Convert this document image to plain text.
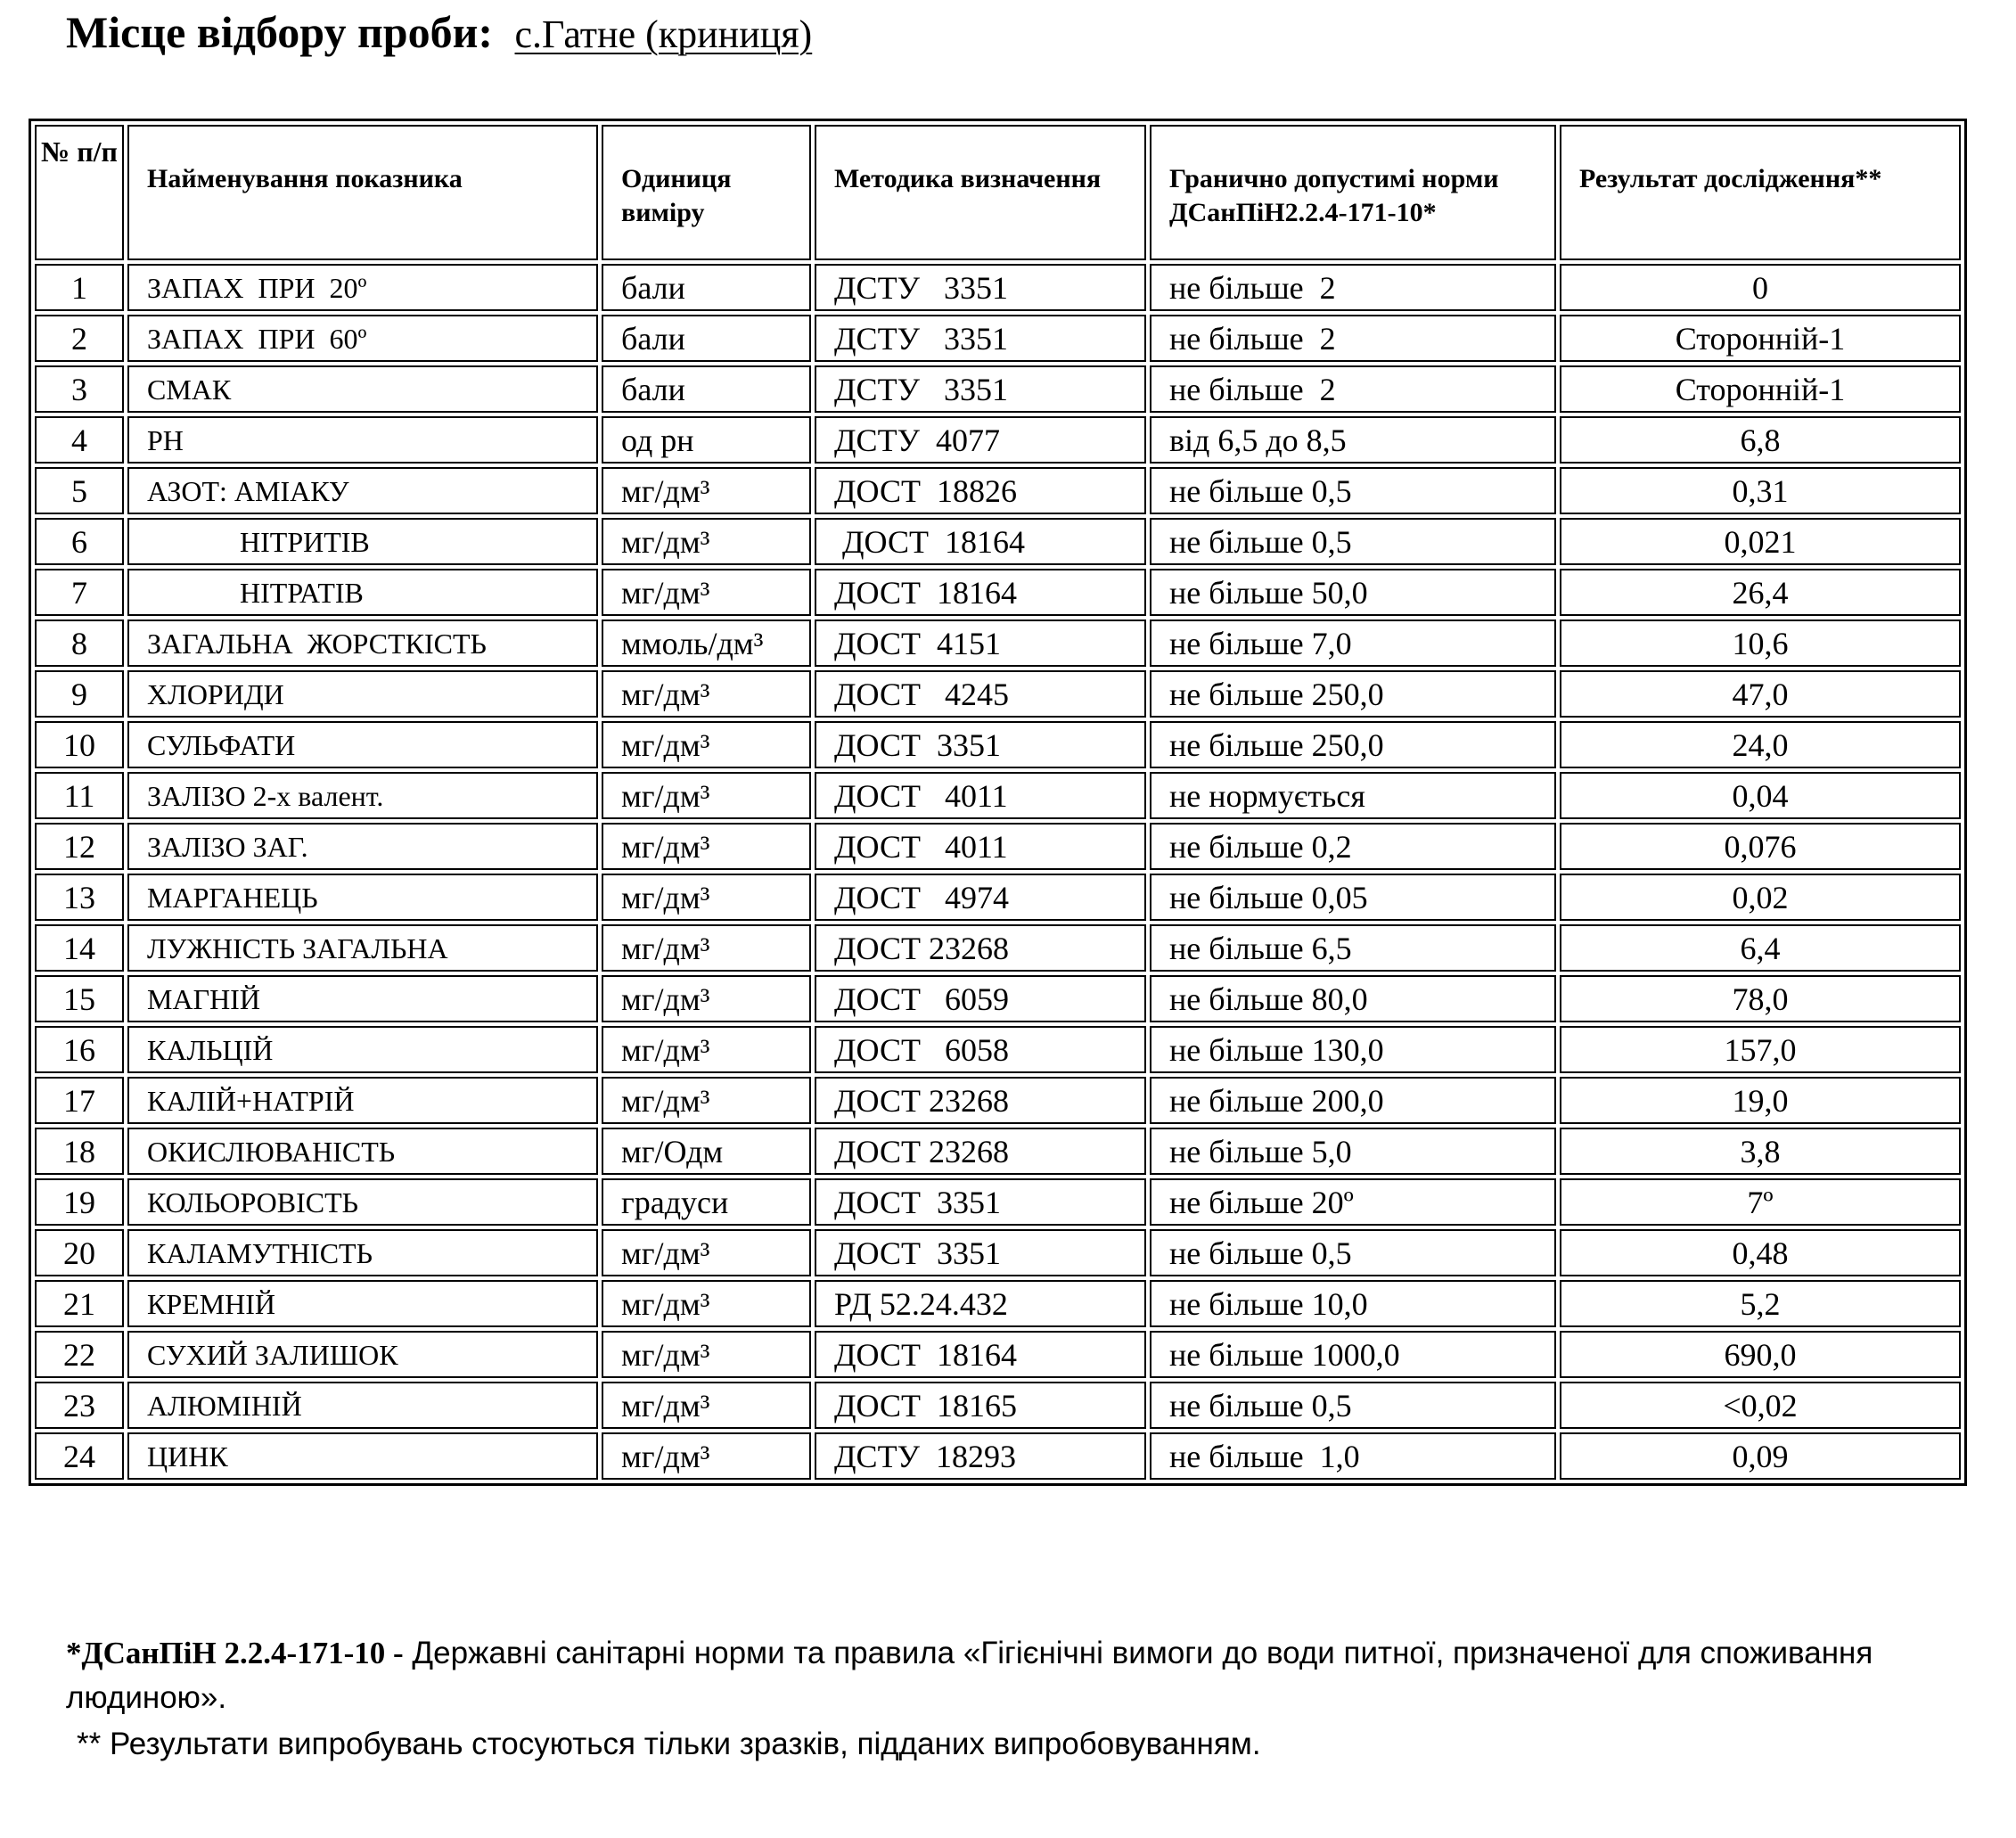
Місце відбору проби: с.Гатне (криниця)
№ п/п	Найменування показника	Одиниця виміру	Методика визначення	Гранично допустимі норми ДСанПіН2.2.4-171-10*	Результат дослідження**
1	ЗАПАХ  ПРИ  20º	бали	ДСТУ   3351	не більше  2	0
2	ЗАПАХ  ПРИ  60º	бали	ДСТУ   3351	не більше  2	Сторонній-1
3	СМАК	бали	ДСТУ   3351	не більше  2	Сторонній-1
4	РН	од рн	ДСТУ  4077	від 6,5 до 8,5	6,8
5	АЗОТ: АМІАКУ	мг/дм³	ДОСТ  18826	не більше 0,5	0,31
6	НІТРИТІВ	мг/дм³	ДОСТ  18164	не більше 0,5	0,021
7	НІТРАТІВ	мг/дм³	ДОСТ  18164	не більше 50,0	26,4
8	ЗАГАЛЬНА  ЖОРСТКІСТЬ	ммоль/дм³	ДОСТ  4151	не більше 7,0	10,6
9	ХЛОРИДИ	мг/дм³	ДОСТ   4245	не більше 250,0	47,0
10	СУЛЬФАТИ	мг/дм³	ДОСТ  3351	не більше 250,0	24,0
11	ЗАЛІЗО 2-х валент.	мг/дм³	ДОСТ   4011	не нормується	0,04
12	ЗАЛІЗО ЗАГ.	мг/дм³	ДОСТ   4011	не більше 0,2	0,076
13	МАРГАНЕЦЬ	мг/дм³	ДОСТ   4974	не більше 0,05	0,02
14	ЛУЖНІСТЬ ЗАГАЛЬНА	мг/дм³	ДОСТ 23268	не більше 6,5	6,4
15	МАГНІЙ	мг/дм³	ДОСТ   6059	не більше 80,0	78,0
16	КАЛЬЦІЙ	мг/дм³	ДОСТ   6058	не більше 130,0	157,0
17	КАЛІЙ+НАТРІЙ	мг/дм³	ДОСТ 23268	не більше 200,0	19,0
18	ОКИСЛЮВАНІСТЬ	мг/Одм	ДОСТ 23268	не більше 5,0	3,8
19	КОЛЬОРОВІСТЬ	градуси	ДОСТ  3351	не більше 20º	7º
20	КАЛАМУТНІСТЬ	мг/дм³	ДОСТ  3351	не більше 0,5	0,48
21	КРЕМНІЙ	мг/дм³	РД 52.24.432	не більше 10,0	5,2
22	СУХИЙ ЗАЛИШОК	мг/дм³	ДОСТ  18164	не більше 1000,0	690,0
23	АЛЮМІНІЙ	мг/дм³	ДОСТ  18165	не більше 0,5	<0,02
24	ЦИНК	мг/дм³	ДСТУ  18293	не більше  1,0	0,09
*ДСанПіН 2.2.4-171-10 - Державні санітарні норми та правила «Гігієнічні вимоги до води питної, призначеної для споживання людиною».
** Результати випробувань стосуються тільки зразків, підданих випробовуванням.
